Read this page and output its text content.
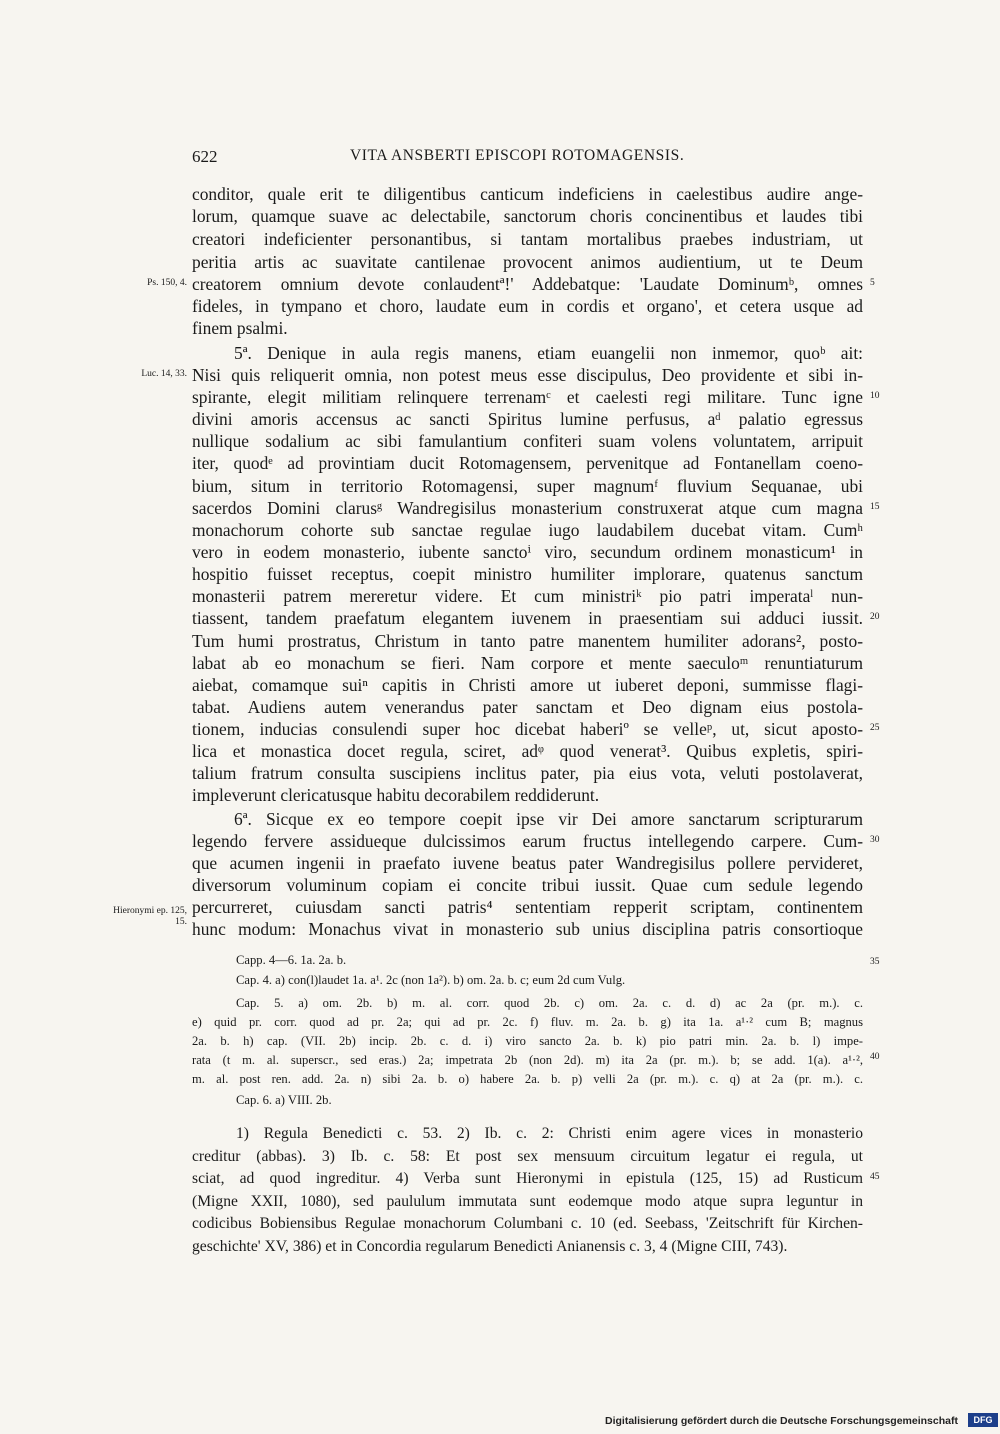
622	VITA ANSBERTI EPISCOPI ROTOMAGENSIS.
conditor, quale erit te diligentibus canticum indeficiens in caelestibus audire ange-
lorum, quamque suave ac delectabile, sanctorum choris concinentibus et laudes tibi
creatori indeficienter personantibus, si tantam mortalibus praebes industriam, ut
peritia artis ac suavitate cantilenae provocent animos audientium, ut te Deum
creatorem omnium devote conlaudentª!' Addebatque: 'Laudate Dominumᵇ, omnes
fideles, in tympano et choro, laudate eum in cordis et organo', et cetera usque ad
finem psalmi.
5ª. Denique in aula regis manens, etiam euangelii non inmemor, quoᵇ ait:
Nisi quis reliquerit omnia, non potest meus esse discipulus, Deo providente et sibi in-
spirante, elegit militiam relinquere terrenamᶜ et caelesti regi militare. Tunc igne
divini amoris accensus ac sancti Spiritus lumine perfusus, aᵈ palatio egressus
nullique sodalium ac sibi famulantium confiteri suam volens voluntatem, arripuit
iter, quodᵉ ad provintiam ducit Rotomagensem, pervenitque ad Fontanellam coeno-
bium, situm in territorio Rotomagensi, super magnumᶠ fluvium Sequanae, ubi
sacerdos Domini clarusᵍ Wandregisilus monasterium construxerat atque cum magna
monachorum cohorte sub sanctae regulae iugo laudabilem ducebat vitam. Cumʰ
vero in eodem monasterio, iubente sanctoⁱ viro, secundum ordinem monasticum¹ in
hospitio fuisset receptus, coepit ministro humiliter implorare, quatenus sanctum
monasterii patrem mereretur videre. Et cum ministriᵏ pio patri imperataˡ nun-
tiassent, tandem praefatum elegantem iuvenem in praesentiam sui adduci iussit.
Tum humi prostratus, Christum in tanto patre manentem humiliter adorans², posto-
labat ab eo monachum se fieri. Nam corpore et mente saeculoᵐ renuntiaturum
aiebat, comamque suiⁿ capitis in Christi amore ut iuberet deponi, summisse flagi-
tabat. Audiens autem venerandus pater sanctam et Deo dignam eius postola-
tionem, inducias consulendi super hoc dicebat haberiº se velleᵖ, ut, sicut aposto-
lica et monastica docet regula, sciret, adᵠ quod venerat³. Quibus expletis, spiri-
talium fratrum consulta suscipiens inclitus pater, pia eius vota, veluti postolaverat,
impleverunt clericatusque habitu decorabilem reddiderunt.
6ª. Sicque ex eo tempore coepit ipse vir Dei amore sanctarum scripturarum
legendo fervere assidueque dulcissimos earum fructus intellegendo carpere. Cum-
que acumen ingenii in praefato iuvene beatus pater Wandregisilus pollere pervideret,
diversorum voluminum copiam ei concite tribui iussit. Quae cum sedule legendo
percurreret, cuiusdam sancti patris⁴ sententiam repperit scriptam, continentem
hunc modum: Monachus vivat in monasterio sub unius disciplina patris consortioque
Ps. 150, 4.
Luc. 14, 33.
Hieronymi ep. 125, 15.
5
10
15
20
25
30
35
40
45
Capp. 4—6. 1a. 2a. b.
Cap. 4. a) con(l)laudet 1a. a¹. 2c (non 1a²). b) om. 2a. b. c; eum 2d cum Vulg.
Cap. 5. a) om. 2b. b) m. al. corr. quod 2b. c) om. 2a. c. d. d) ac 2a (pr. m.). c.
e) quid pr. corr. quod ad pr. 2a; qui ad pr. 2c. f) fluv. m. 2a. b. g) ita 1a. a¹·² cum B; magnus
2a. b. h) cap. (VII. 2b) incip. 2b. c. d. i) viro sancto 2a. b. k) pio patri min. 2a. b. l) impe-
rata (t m. al. superscr., sed eras.) 2a; impetrata 2b (non 2d). m) ita 2a (pr. m.). b; se add. 1(a). a¹·²,
m. al. post ren. add. 2a. n) sibi 2a. b. o) habere 2a. b. p) velli 2a (pr. m.). c. q) at 2a (pr. m.). c.
Cap. 6. a) VIII. 2b.
1) Regula Benedicti c. 53. 2) Ib. c. 2: Christi enim agere vices in monasterio
creditur (abbas). 3) Ib. c. 58: Et post sex mensuum circuitum legatur ei regula, ut
sciat, ad quod ingreditur. 4) Verba sunt Hieronymi in epistula (125, 15) ad Rusticum
(Migne XXII, 1080), sed paululum immutata sunt eodemque modo atque supra leguntur in
codicibus Bobiensibus Regulae monachorum Columbani c. 10 (ed. Seebass, 'Zeitschrift für Kirchen-
geschichte' XV, 386) et in Concordia regularum Benedicti Anianensis c. 3, 4 (Migne CIII, 743).
Digitalisierung gefördert durch die Deutsche Forschungsgemeinschaft	DFG
